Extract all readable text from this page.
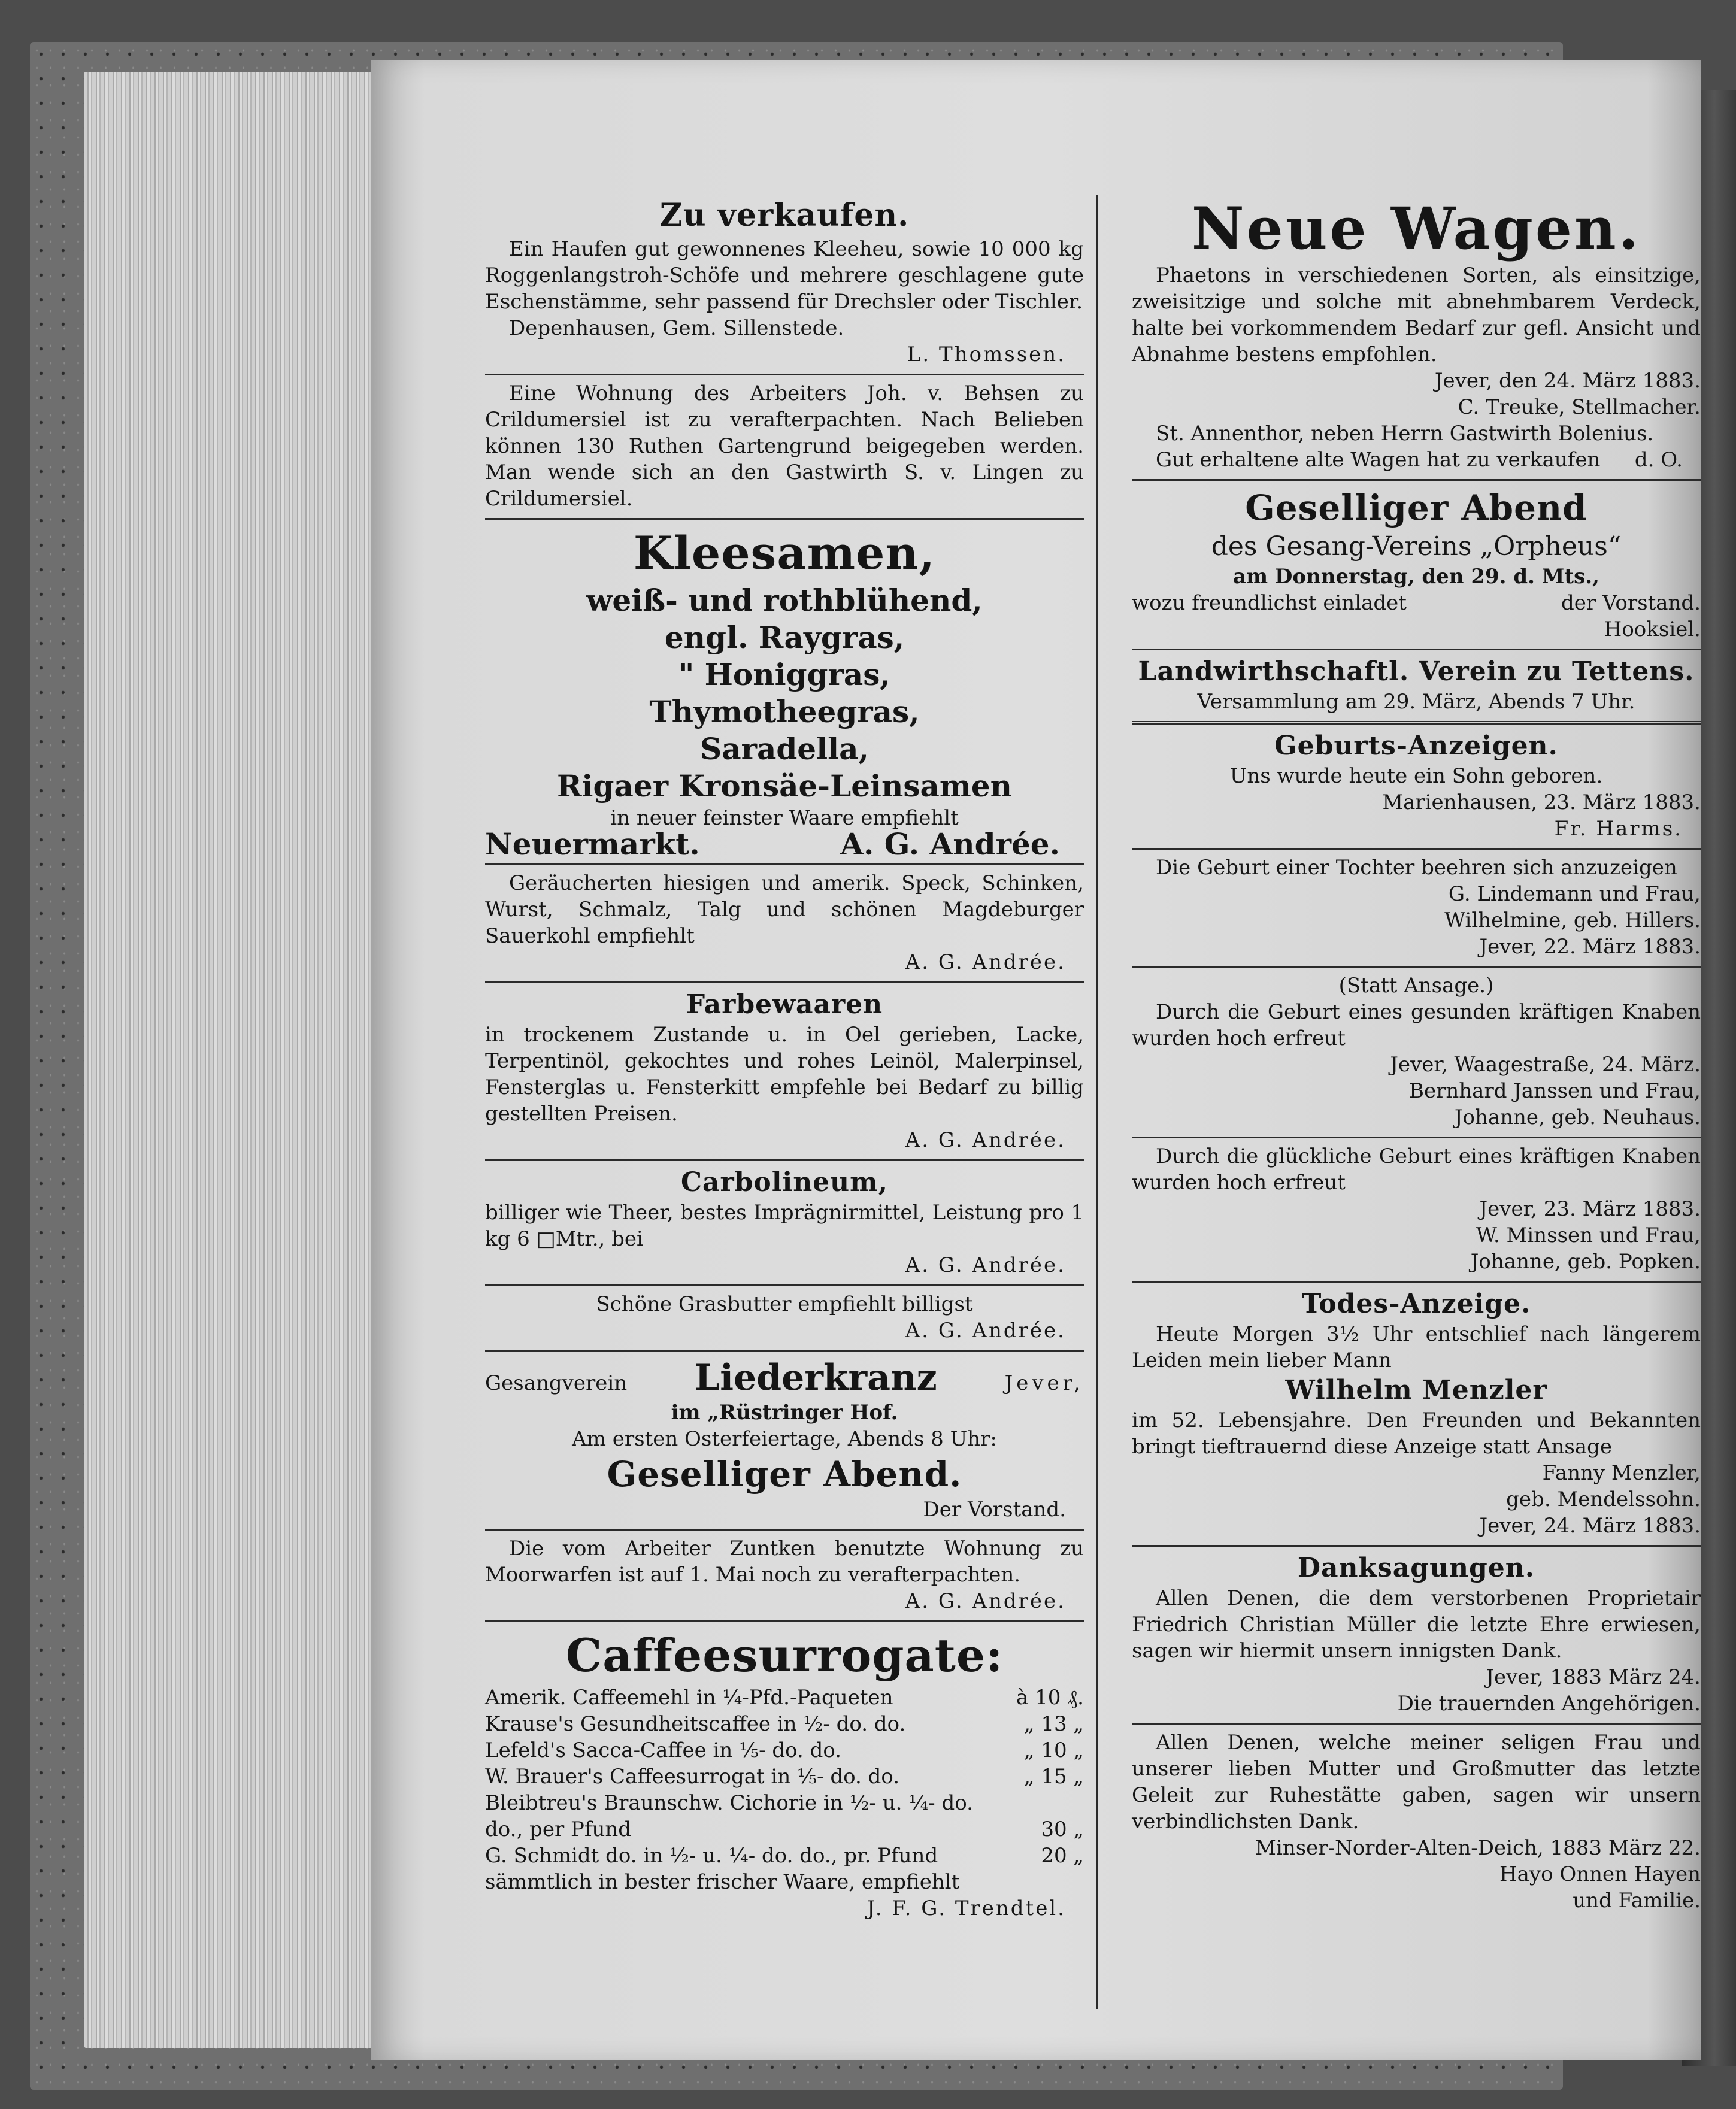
Zu verkaufen.
Ein Haufen gut gewonnenes Kleeheu, sowie 10 000 kg Roggenlangstroh-Schöfe und mehrere geschlagene gute Eschenstämme, sehr passend für Drechsler oder Tischler.
Depenhausen, Gem. Sillenstede.
L. Thomssen.
Eine Wohnung des Arbeiters Joh. v. Behsen zu Crildumersiel ist zu verafterpachten. Nach Belieben können 130 Ruthen Gartengrund beigegeben werden. Man wende sich an den Gastwirth S. v. Lingen zu Crildumersiel.
Kleesamen,
weiß- und rothblühend,
engl. Raygras,
" Honiggras,
Thymotheegras,
Saradella,
Rigaer Kronsäe-Leinsamen
in neuer feinster Waare empfiehlt
Neuermarkt.	A. G. Andrée.
Geräucherten hiesigen und amerik. Speck, Schinken, Wurst, Schmalz, Talg und schönen Magdeburger Sauerkohl empfiehlt
A. G. Andrée.
Farbewaaren
in trockenem Zustande u. in Oel gerieben, Lacke, Terpentinöl, gekochtes und rohes Leinöl, Malerpinsel, Fensterglas u. Fensterkitt empfehle bei Bedarf zu billig gestellten Preisen.
A. G. Andrée.
Carbolineum,
billiger wie Theer, bestes Imprägnirmittel, Leistung pro 1 kg 6 □Mtr., bei
A. G. Andrée.
Schöne Grasbutter empfiehlt billigst
A. G. Andrée.
Gesangverein Liederkranz	Jever,
im „Rüstringer Hof.
Am ersten Osterfeiertage, Abends 8 Uhr:
Geselliger Abend.
Der Vorstand.
Die vom Arbeiter Zuntken benutzte Wohnung zu Moorwarfen ist auf 1. Mai noch zu verafterpachten.
A. G. Andrée.
Caffeesurrogate:
Amerik. Caffeemehl in ¼-Pfd.-Paqueten	à 10 ₰.
Krause's Gesundheitscaffee in ½- do. do.	„ 13 „
Lefeld's Sacca-Caffee in ⅕- do. do.	„ 10 „
W. Brauer's Caffeesurrogat in ⅕- do. do.	„ 15 „
Bleibtreu's Braunschw. Cichorie in ½- u. ¼- do. do., per Pfund	30 „
G. Schmidt do. in ½- u. ¼- do. do., pr. Pfund	20 „
sämmtlich in bester frischer Waare, empfiehlt
J. F. G. Trendtel.
Neue Wagen.
Phaetons in verschiedenen Sorten, als einsitzige, zweisitzige und solche mit abnehmbarem Verdeck, halte bei vorkommendem Bedarf zur gefl. Ansicht und Abnahme bestens empfohlen.
Jever, den 24. März 1883.
C. Treuke, Stellmacher.
St. Annenthor, neben Herrn Gastwirth Bolenius.
Gut erhaltene alte Wagen hat zu verkaufen d. O.
Geselliger Abend
des Gesang-Vereins „Orpheus“
am Donnerstag, den 29. d. Mts.,
wozu freundlichst einladet	der Vorstand.
Hooksiel.
Landwirthschaftl. Verein zu Tettens.
Versammlung am 29. März, Abends 7 Uhr.
Geburts-Anzeigen.
Uns wurde heute ein Sohn geboren.
Marienhausen, 23. März 1883.
Fr. Harms.
Die Geburt einer Tochter beehren sich anzuzeigen
G. Lindemann und Frau,
Wilhelmine, geb. Hillers.
Jever, 22. März 1883.
(Statt Ansage.)
Durch die Geburt eines gesunden kräftigen Knaben wurden hoch erfreut
Jever, Waagestraße, 24. März.
Bernhard Janssen und Frau,
Johanne, geb. Neuhaus.
Durch die glückliche Geburt eines kräftigen Knaben wurden hoch erfreut
Jever, 23. März 1883.
W. Minssen und Frau,
Johanne, geb. Popken.
Todes-Anzeige.
Heute Morgen 3½ Uhr entschlief nach längerem Leiden mein lieber Mann
Wilhelm Menzler
im 52. Lebensjahre. Den Freunden und Bekannten bringt tieftrauernd diese Anzeige statt Ansage
Fanny Menzler,
geb. Mendelssohn.
Jever, 24. März 1883.
Danksagungen.
Allen Denen, die dem verstorbenen Proprietair Friedrich Christian Müller die letzte Ehre erwiesen, sagen wir hiermit unsern innigsten Dank.
Jever, 1883 März 24.
Die trauernden Angehörigen.
Allen Denen, welche meiner seligen Frau und unserer lieben Mutter und Großmutter das letzte Geleit zur Ruhestätte gaben, sagen wir unsern verbindlichsten Dank.
Minser-Norder-Alten-Deich, 1883 März 22.
Hayo Onnen Hayen
und Familie.
